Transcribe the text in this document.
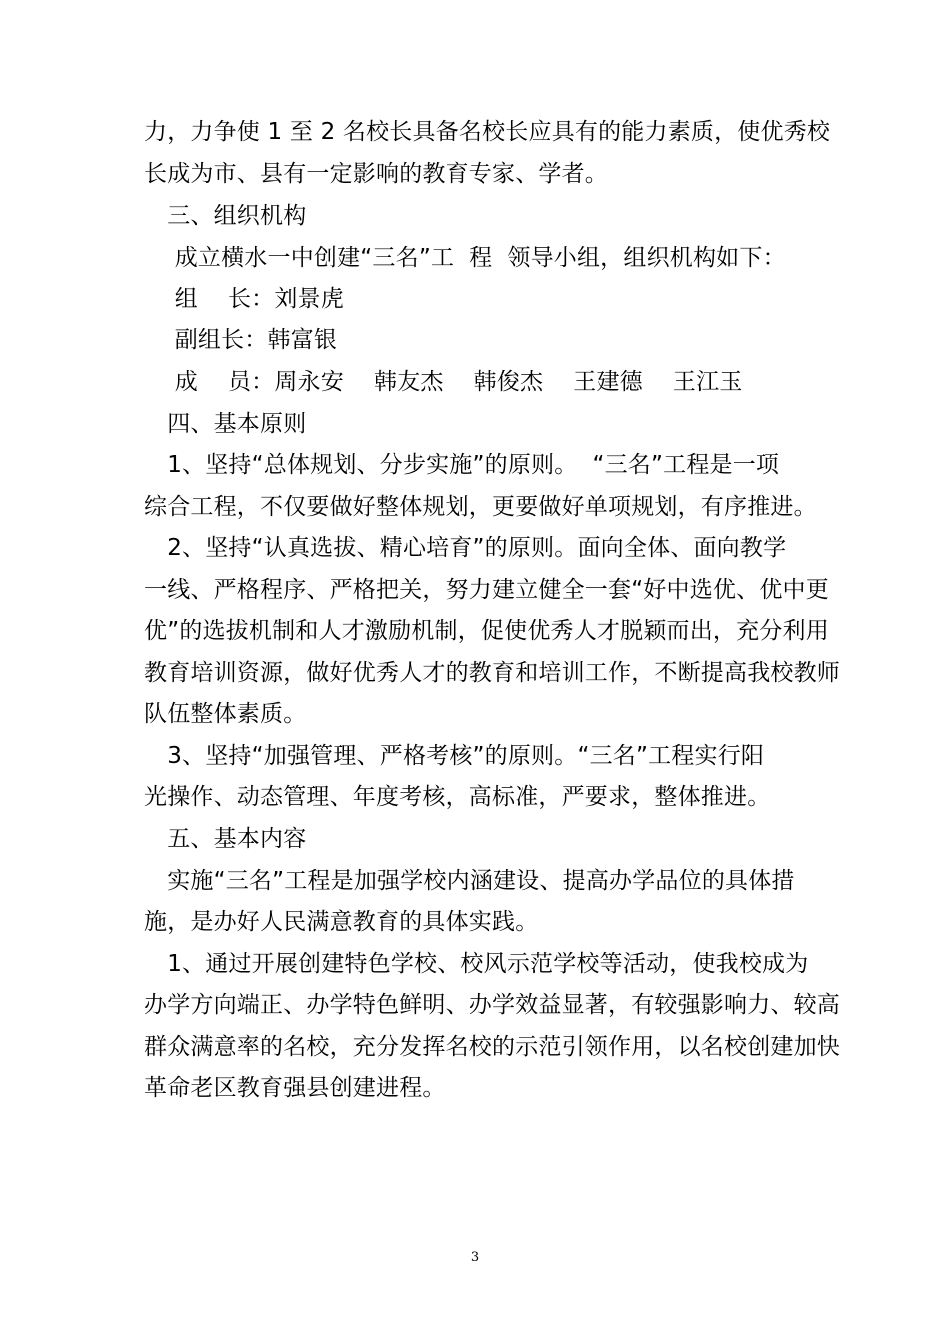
力，力争使 1 至 2 名校长具备名校长应具有的能力素质，使优秀校
长成为市、县有一定影响的教育专家、学者。
　三、组织机构
　 成立横水一中创建“三名”工  程  领导小组，组织机构如下：
　 组    长：刘景虎
　 副组长：韩富银
　 成    员：周永安    韩友杰    韩俊杰    王建德    王江玉
　四、基本原则
　1、坚持“总体规划、分步实施”的原则。  “三名”工程是一项
综合工程，不仅要做好整体规划，更要做好单项规划，有序推进。
　2、坚持“认真选拔、精心培育”的原则。面向全体、面向教学
一线、严格程序、严格把关，努力建立健全一套“好中选优、优中更
优”的选拔机制和人才激励机制，促使优秀人才脱颖而出，充分利用
教育培训资源，做好优秀人才的教育和培训工作，不断提高我校教师
队伍整体素质。
　3、坚持“加强管理、严格考核”的原则。“三名”工程实行阳
光操作、动态管理、年度考核，高标准，严要求，整体推进。
　五、基本内容
　实施“三名”工程是加强学校内涵建设、提高办学品位的具体措
施，是办好人民满意教育的具体实践。
　1、通过开展创建特色学校、校风示范学校等活动，使我校成为
办学方向端正、办学特色鲜明、办学效益显著，有较强影响力、较高
群众满意率的名校，充分发挥名校的示范引领作用，以名校创建加快
革命老区教育强县创建进程。
3
